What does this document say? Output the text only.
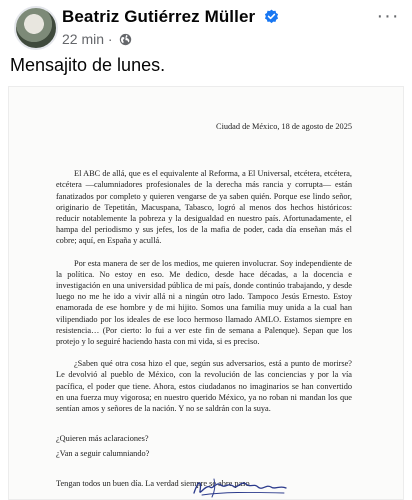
Beatriz Gutiérrez Müller
22 min ·
···
Mensajito de lunes.
Ciudad de México, 18 de agosto de 2025

El ABC de allá, que es el equivalente al Reforma, a El Universal, etcétera, etcétera, etcétera —calumniadores profesionales de la derecha más rancia y corrupta— están fanatizados por completo y quieren vengarse de ya saben quién. Porque ese lindo señor, originario de Tepetitán, Macuspana, Tabasco, logró al menos dos hechos históricos: reducir notablemente la pobreza y la desigualdad en nuestro país. Afortunadamente, el hampa del periodismo y sus jefes, los de la mafia de poder, cada día enseñan más el cobre; aquí, en España y acullá.

Por esta manera de ser de los medios, me quieren involucrar. Soy independiente de la política. No estoy en eso. Me dedico, desde hace décadas, a la docencia e investigación en una universidad pública de mi país, donde continúo trabajando, y desde luego no me he ido a vivir allá ni a ningún otro lado. Tampoco Jesús Ernesto. Estoy enamorada de ese hombre y de mi hijito. Somos una familia muy unida a la cual han vilipendiado por los ideales de ese loco hermoso llamado AMLO. Estamos siempre en resistencia… (Por cierto: lo fui a ver este fin de semana a Palenque). Sepan que los protejo y lo seguiré haciendo hasta con mi vida, si es preciso.

¿Saben qué otra cosa hizo el que, según sus adversarios, está a punto de morirse? Le devolvió al pueblo de México, con la revolución de las conciencias y por la vía pacífica, el poder que tiene. Ahora, estos ciudadanos no imaginarios se han convertido en una fuerza muy vigorosa; en nuestro querido México, ya no roban ni mandan los que sentían amos y señores de la nación. Y no se saldrán con la suya.

¿Quieren más aclaraciones?

¿Van a seguir calumniando?

Tengan todos un buen día. La verdad siempre se abre paso.
